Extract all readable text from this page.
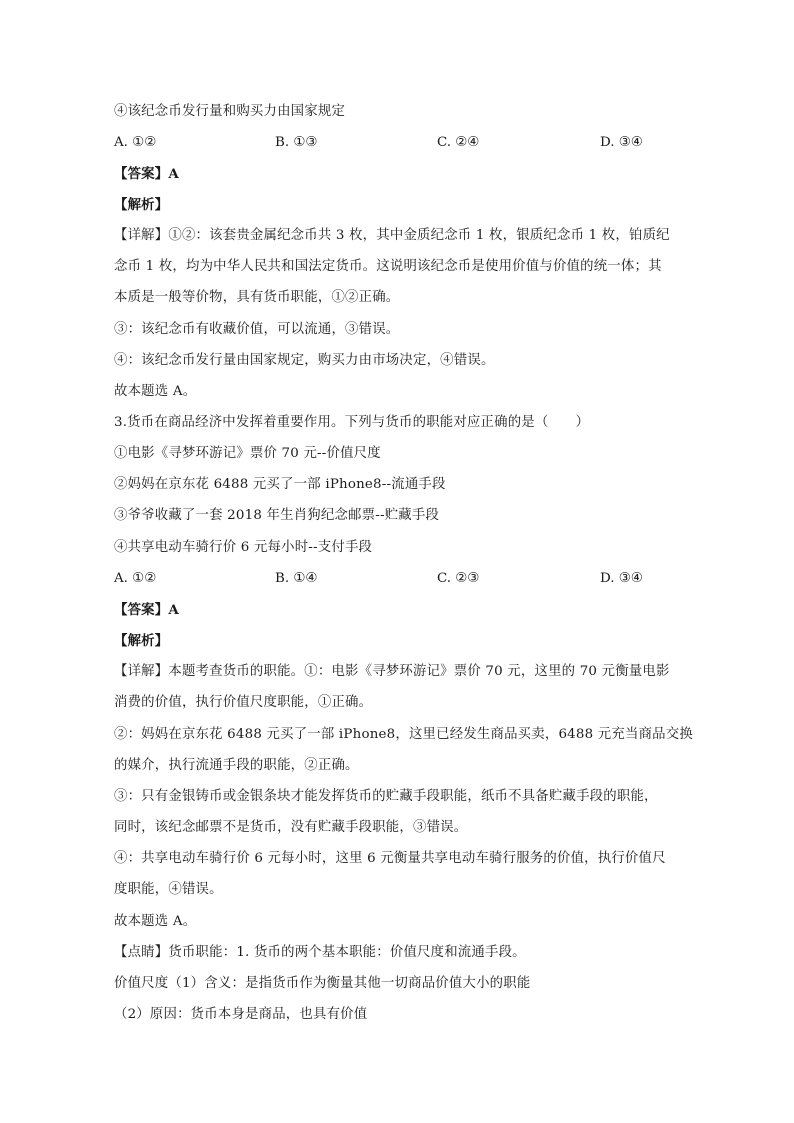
④该纪念币发行量和购买力由国家规定
A. ①②	B. ①③	C. ②④	D. ③④
【答案】A
【解析】
【详解】①②：该套贵金属纪念币共 3 枚，其中金质纪念币 1 枚，银质纪念币 1 枚，铂质纪
念币 1 枚，均为中华人民共和国法定货币。这说明该纪念币是使用价值与价值的统一体；其
本质是一般等价物，具有货币职能，①②正确。
③：该纪念币有收藏价值，可以流通，③错误。
④：该纪念币发行量由国家规定，购买力由市场决定，④错误。
故本题选 A。
3.货币在商品经济中发挥着重要作用。下列与货币的职能对应正确的是（　　）
①电影《寻梦环游记》票价 70 元--价值尺度
②妈妈在京东花 6488 元买了一部 iPhone8--流通手段
③爷爷收藏了一套 2018 年生肖狗纪念邮票--贮藏手段
④共享电动车骑行价 6 元每小时--支付手段
A. ①②	B. ①④	C. ②③	D. ③④
【答案】A
【解析】
【详解】本题考查货币的职能。①：电影《寻梦环游记》票价 70 元，这里的 70 元衡量电影
消费的价值，执行价值尺度职能，①正确。
②：妈妈在京东花 6488 元买了一部 iPhone8，这里已经发生商品买卖，6488 元充当商品交换
的媒介，执行流通手段的职能，②正确。
③：只有金银铸币或金银条块才能发挥货币的贮藏手段职能，纸币不具备贮藏手段的职能，
同时，该纪念邮票不是货币，没有贮藏手段职能，③错误。
④：共享电动车骑行价 6 元每小时，这里 6 元衡量共享电动车骑行服务的价值，执行价值尺
度职能，④错误。
故本题选 A。
【点睛】货币职能：1. 货币的两个基本职能：价值尺度和流通手段。
价值尺度（1）含义：是指货币作为衡量其他一切商品价值大小的职能
（2）原因：货币本身是商品，也具有价值
